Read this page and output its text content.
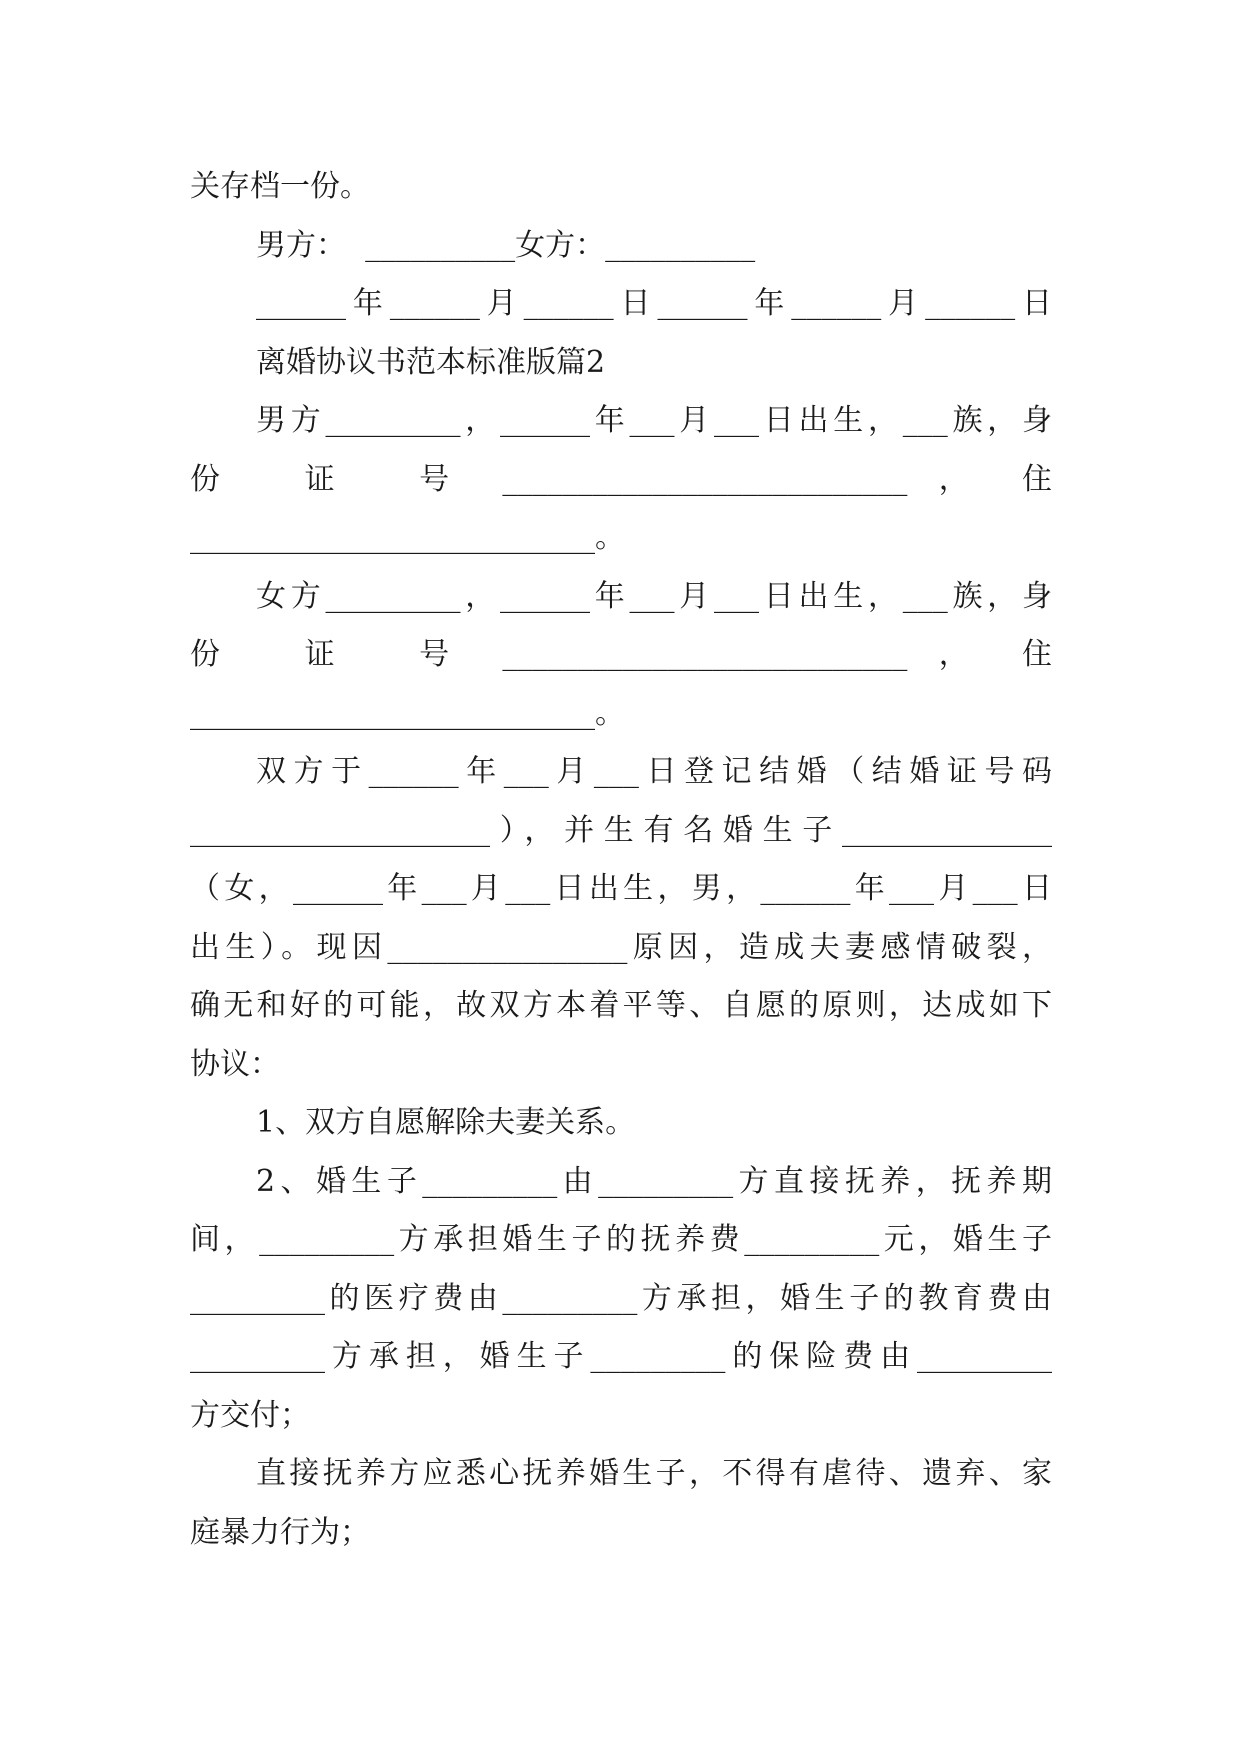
关存档一份。
男方：  __________女方：__________
______年______月______日______年______月______日
离婚协议书范本标准版篇2
男方_________，______年___月___日出生，___族，身
份  证  号 ___________________________ ， 住
___________________________。
女方_________，______年___月___日出生，___族，身
份  证  号 ___________________________ ， 住
___________________________。
双方于______年___月___日登记结婚（结婚证号码
____________________），并生有名婚生子______________
（女，______年___月___日出生，男，______年___月___日
出生）。现因________________原因，造成夫妻感情破裂，
确无和好的可能，故双方本着平等、自愿的原则，达成如下
协议：
1、双方自愿解除夫妻关系。
2、婚生子_________由_________方直接抚养，抚养期
间，_________方承担婚生子的抚养费_________元，婚生子
_________的医疗费由_________方承担，婚生子的教育费由
_________方承担，婚生子_________的保险费由_________
方交付；
直接抚养方应悉心抚养婚生子，不得有虐待、遗弃、家
庭暴力行为；
